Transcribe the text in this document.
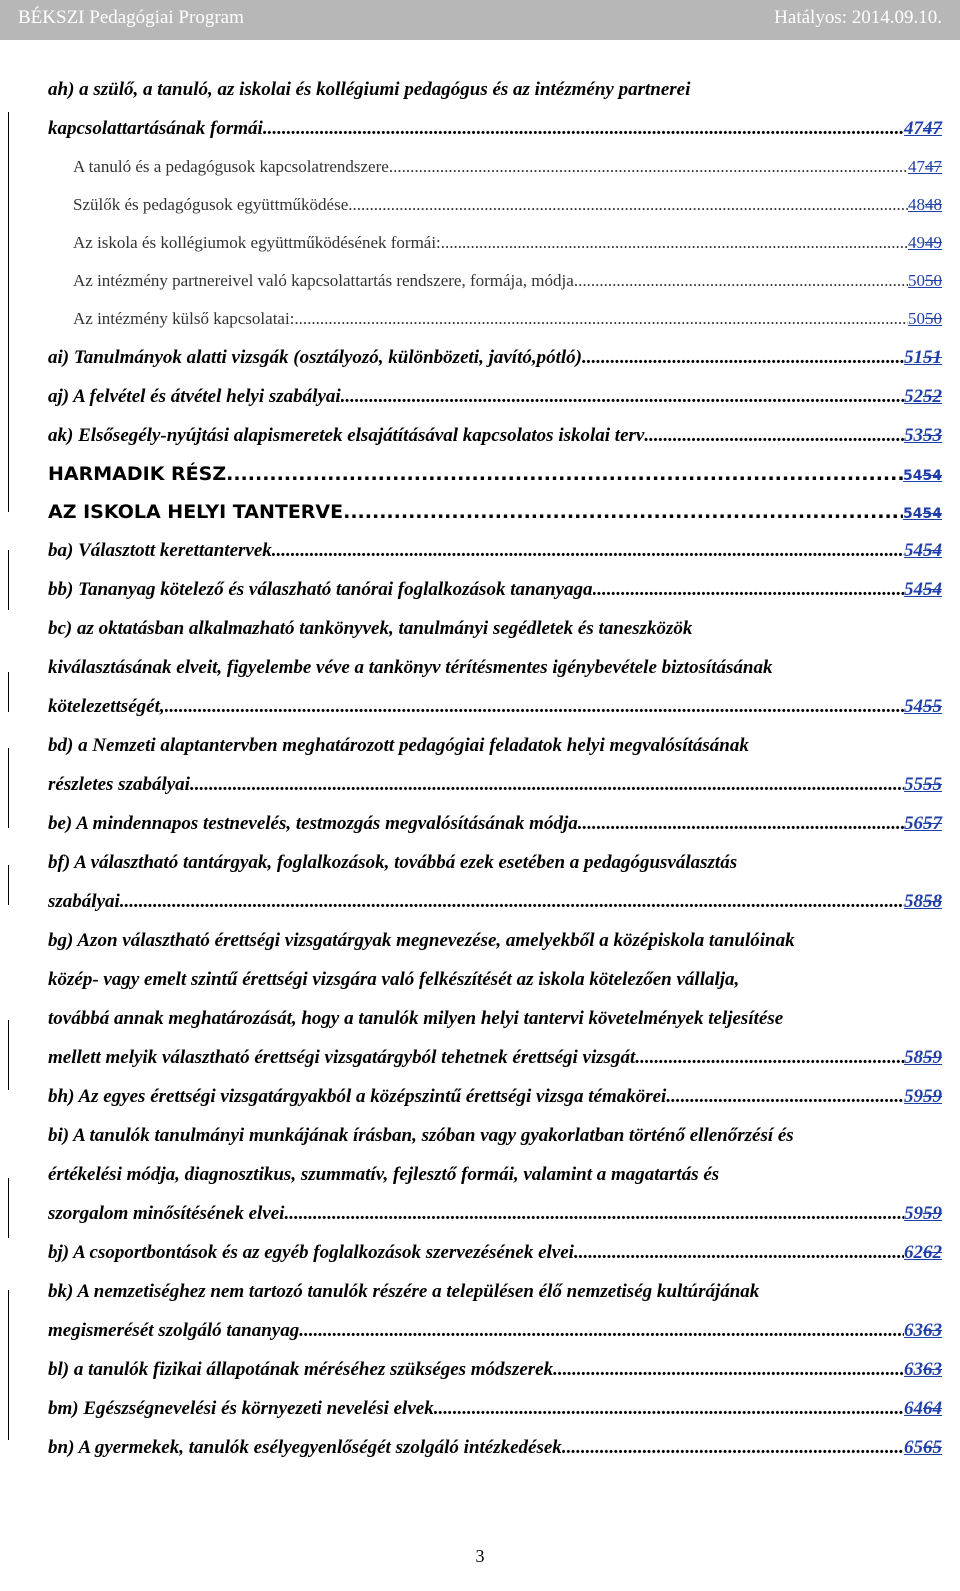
BÉKSZI Pedagógiai Program	Hatályos: 2014.09.10.
ah) a szülő, a tanuló, az iskolai és kollégiumi pedagógus és az intézmény partnerei
kapcsolattartásának formái .....	4747
A tanuló és a pedagógusok kapcsolatrendszere .....	4747
Szülők és pedagógusok együttműködése .....	4848
Az iskola és kollégiumok együttműködésének formái: .....	4949
Az intézmény partnereivel való kapcsolattartás rendszere, formája, módja .....	5050
Az intézmény külső kapcsolatai: .....	5050
ai) Tanulmányok alatti vizsgák (osztályozó, különbözeti, javító,pótló) .....	5151
aj) A felvétel és átvétel helyi szabályai .....	5252
ak) Elsősegély-nyújtási alapismeretek elsajátításával kapcsolatos iskolai terv .....	5353
HARMADIK RÉSZ .....	5454
AZ ISKOLA HELYI TANTERVE .....	5454
ba) Választott kerettantervek .....	5454
bb) Tananyag kötelező és válaszható tanórai foglalkozások tananyaga .....	5454
bc) az oktatásban alkalmazható tankönyvek, tanulmányi segédletek és taneszközök
kiválasztásának elveit, figyelembe véve a tankönyv térítésmentes igénybevétele biztosításának
kötelezettségét, .....	5455
bd) a Nemzeti alaptantervben meghatározott pedagógiai feladatok helyi megvalósításának
részletes szabályai .....	5555
be) A mindennapos testnevelés, testmozgás megvalósításának módja .....	5657
bf) A választható tantárgyak, foglalkozások, továbbá ezek esetében a pedagógusválasztás
szabályai .....	5858
bg) Azon választható érettségi vizsgatárgyak megnevezése, amelyekből a középiskola tanulóinak
közép- vagy emelt szintű érettségi vizsgára való felkészítését az iskola kötelezően vállalja,
továbbá annak meghatározását, hogy a tanulók milyen helyi tantervi követelmények teljesítése
mellett melyik választható érettségi vizsgatárgyból tehetnek érettségi vizsgát. .....	5859
bh) Az egyes érettségi vizsgatárgyakból a középszintű érettségi vizsga témakörei .....	5959
bi) A tanulók tanulmányi munkájának írásban, szóban vagy gyakorlatban történő ellenőrzésí és
értékelési módja, diagnosztikus, szummatív, fejlesztő formái, valamint a magatartás és
szorgalom minősítésének elvei .....	5959
bj) A csoportbontások és az egyéb foglalkozások szervezésének elvei .....	6262
bk) A nemzetiséghez nem tartozó tanulók részére a településen élő nemzetiség kultúrájának
megismerését szolgáló tananyag .....	6363
bl) a tanulók fizikai állapotának méréséhez szükséges módszerek .....	6363
bm) Egészségnevelési és környezeti nevelési elvek .....	6464
bn) A gyermekek, tanulók esélyegyenlőségét szolgáló intézkedések .....	6565
3
